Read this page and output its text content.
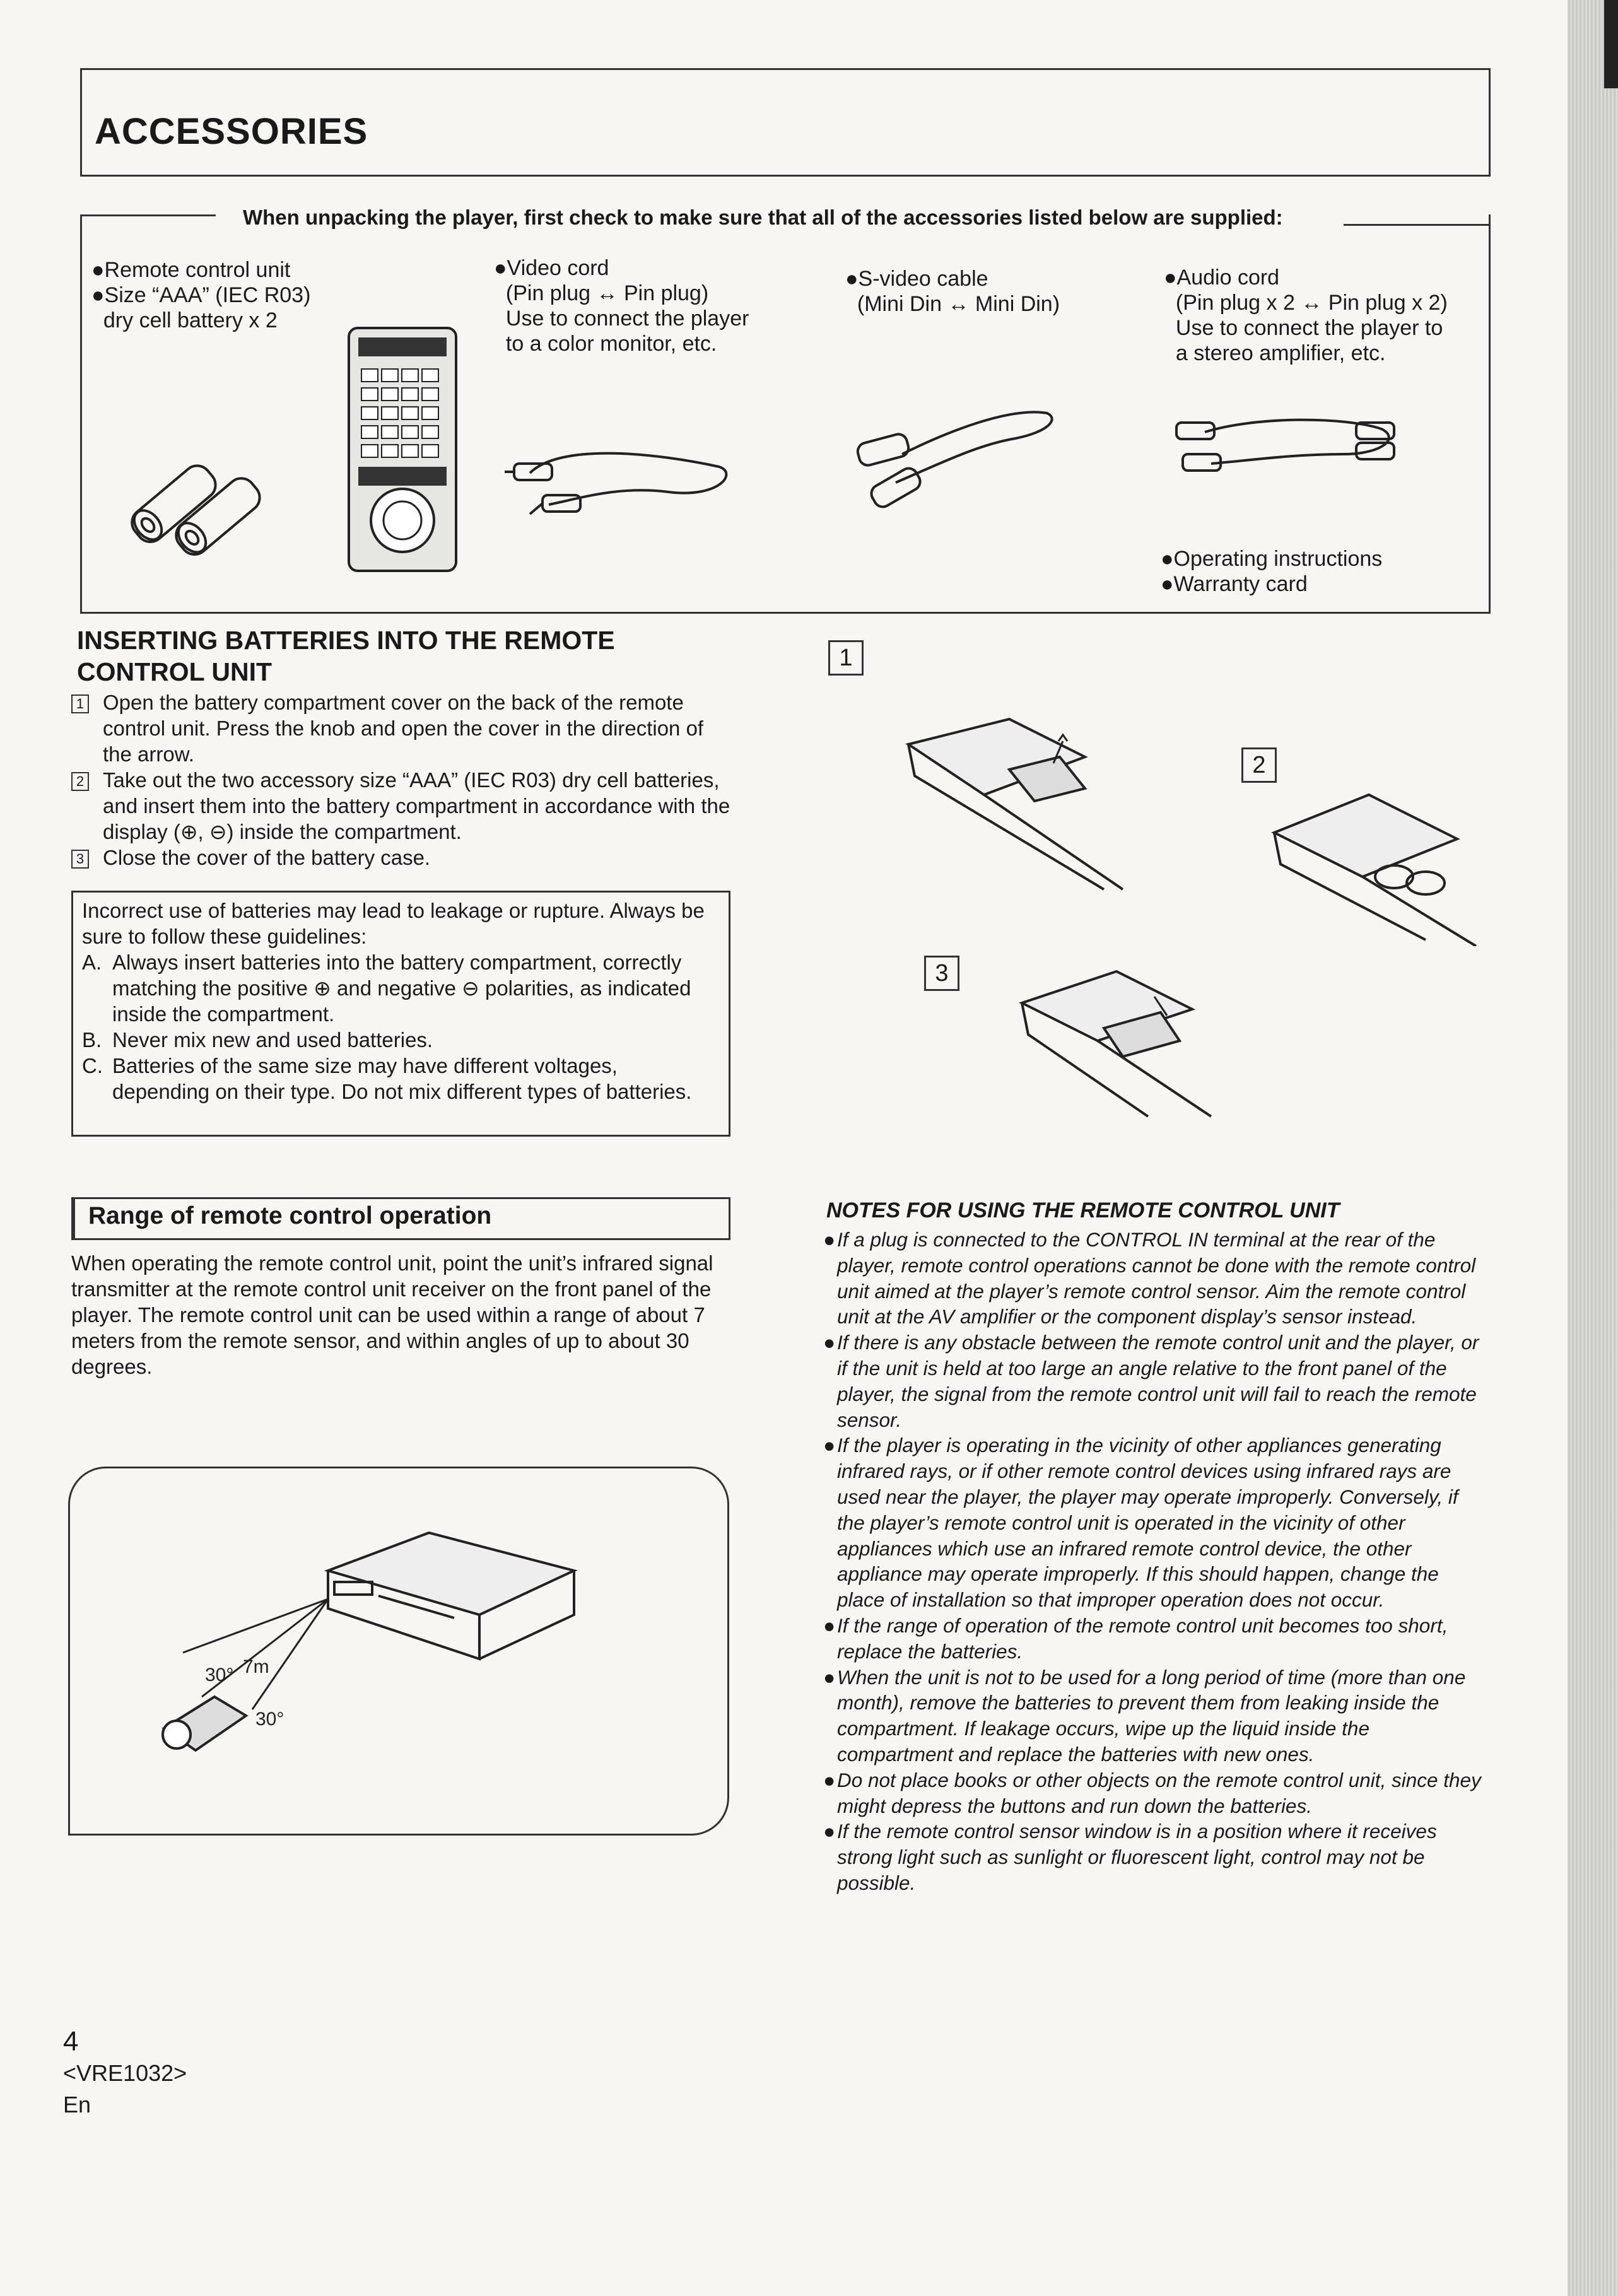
ACCESSORIES
When unpacking the player, first check to make sure that all of the accessories listed below are supplied:
●Remote control unit
●Size “AAA” (IEC R03)
dry cell battery x 2
●Video cord
(Pin plug ↔ Pin plug)
Use to connect the player
to a color monitor, etc.
●S-video cable
(Mini Din ↔ Mini Din)
●Audio cord
(Pin plug x 2 ↔ Pin plug x 2)
Use to connect the player to
a stereo amplifier, etc.
●Operating instructions
●Warranty card
INSERTING BATTERIES INTO THE REMOTE
CONTROL UNIT
1 Open the battery compartment cover on the back of the remote control unit. Press the knob and open the cover in the direction of the arrow.
2 Take out the two accessory size “AAA” (IEC R03) dry cell batteries, and insert them into the battery compartment in accordance with the display (⊕, ⊖) inside the compartment.
3 Close the cover of the battery case.
Incorrect use of batteries may lead to leakage or rupture. Always be sure to follow these guidelines:
A. Always insert batteries into the battery compartment, correctly matching the positive ⊕ and negative ⊖ polarities, as indicated inside the compartment.
B. Never mix new and used batteries.
C. Batteries of the same size may have different voltages, depending on their type. Do not mix different types of batteries.
1
2
3
Range of remote control operation
When operating the remote control unit, point the unit’s infrared signal transmitter at the remote control unit receiver on the front panel of the player. The remote control unit can be used within a range of about 7 meters from the remote sensor, and within angles of up to about 30 degrees.
30° 7m
30°
NOTES FOR USING THE REMOTE CONTROL UNIT
● If a plug is connected to the CONTROL IN terminal at the rear of the player, remote control operations cannot be done with the remote control unit aimed at the player’s remote control sensor. Aim the remote control unit at the AV amplifier or the component display’s sensor instead.
● If there is any obstacle between the remote control unit and the player, or if the unit is held at too large an angle relative to the front panel of the player, the signal from the remote control unit will fail to reach the remote sensor.
● If the player is operating in the vicinity of other appliances generating infrared rays, or if other remote control devices using infrared rays are used near the player, the player may operate improperly. Conversely, if the player’s remote control unit is operated in the vicinity of other appliances which use an infrared remote control device, the other appliance may operate improperly. If this should happen, change the place of installation so that improper operation does not occur.
● If the range of operation of the remote control unit becomes too short, replace the batteries.
● When the unit is not to be used for a long period of time (more than one month), remove the batteries to prevent them from leaking inside the compartment. If leakage occurs, wipe up the liquid inside the compartment and replace the batteries with new ones.
● Do not place books or other objects on the remote control unit, since they might depress the buttons and run down the batteries.
● If the remote control sensor window is in a position where it receives strong light such as sunlight or fluorescent light, control may not be possible.
4
<VRE1032>
En
